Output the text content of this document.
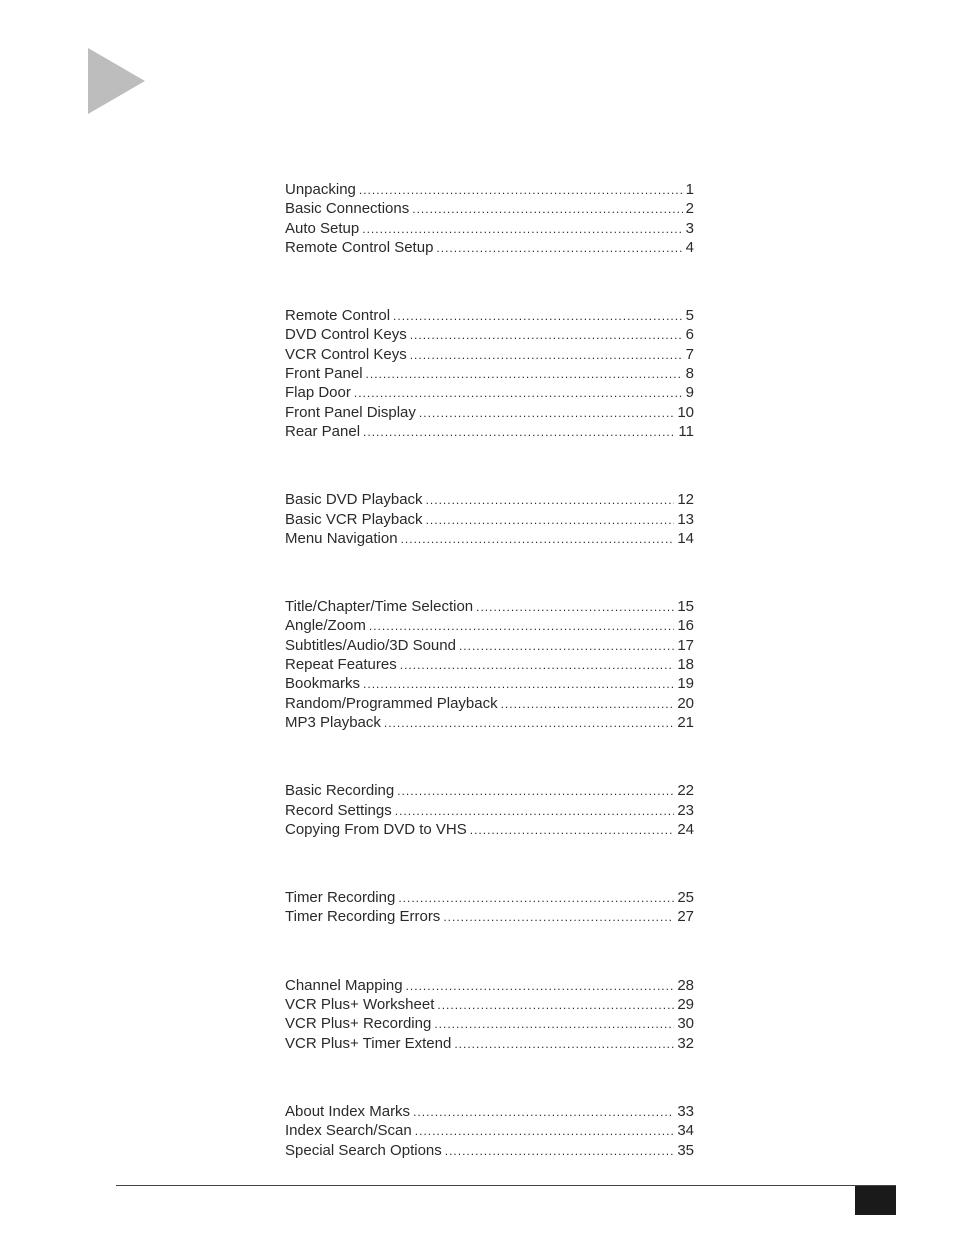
Unpacking .....	1
Basic Connections .....	2
Auto Setup .....	3
Remote Control Setup .....	4
Remote Control .....	5
DVD Control Keys .....	6
VCR Control Keys .....	7
Front Panel .....	8
Flap Door .....	9
Front Panel Display .....	10
Rear Panel .....	11
Basic DVD Playback .....	12
Basic VCR Playback .....	13
Menu Navigation .....	14
Title/Chapter/Time Selection .....	15
Angle/Zoom .....	16
Subtitles/Audio/3D Sound .....	17
Repeat Features .....	18
Bookmarks .....	19
Random/Programmed Playback .....	20
MP3 Playback .....	21
Basic Recording .....	22
Record Settings .....	23
Copying From DVD to VHS .....	24
Timer Recording .....	25
Timer Recording Errors .....	27
Channel Mapping .....	28
VCR Plus+ Worksheet .....	29
VCR Plus+ Recording .....	30
VCR Plus+ Timer Extend .....	32
About Index Marks .....	33
Index Search/Scan .....	34
Special Search Options .....	35
